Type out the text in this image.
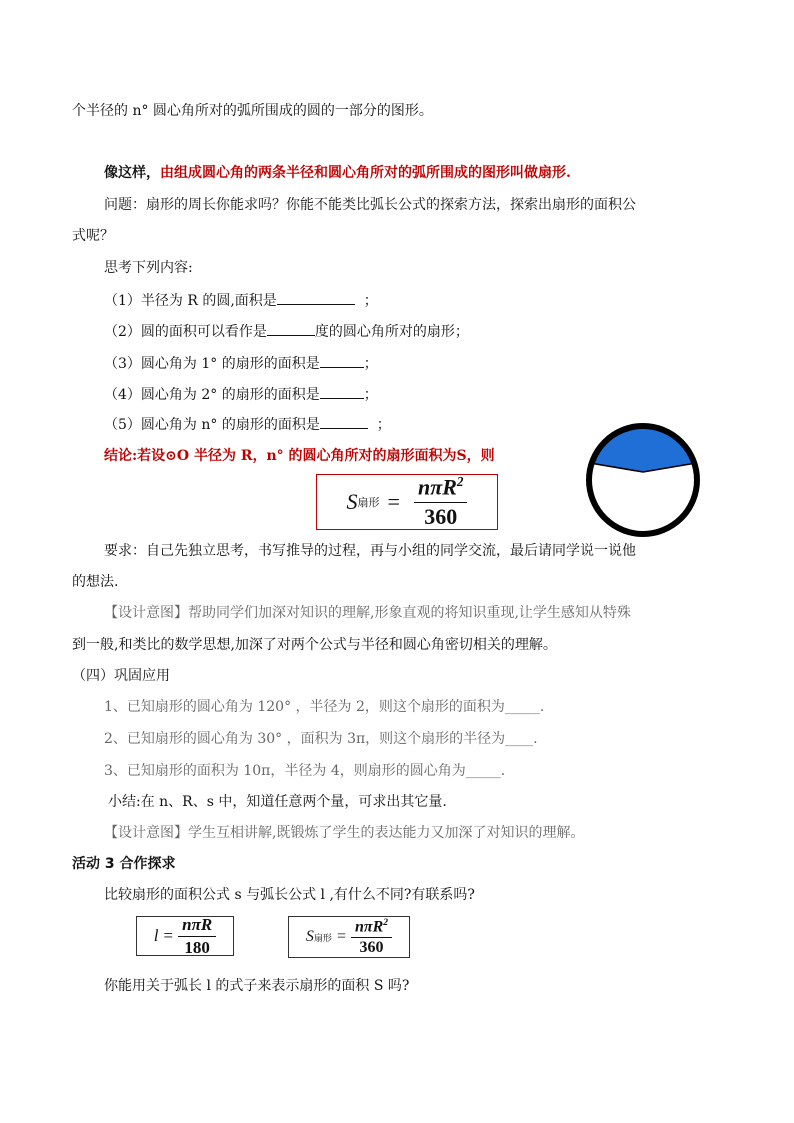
个半径的 n° 圆心角所对的弧所围成的圆的一部分的图形。
像这样，由组成圆心角的两条半径和圆心角所对的弧所围成的图形叫做扇形.
问题：扇形的周长你能求吗？你能不能类比弧长公式的探索方法，探索出扇形的面积公
式呢？
思考下列内容:
（1）半径为 R 的圆,面积是	；
（2）圆的面积可以看作是	度的圆心角所对的扇形；
（3）圆心角为 1° 的扇形的面积是	；
（4）圆心角为 2° 的扇形的面积是	；
（5）圆心角为 n° 的扇形的面积是	；
结论:若设⊙O 半径为 R，n° 的圆心角所对的扇形面积为S，则
S 扇形 = $\frac{n\pi R^2}{360}$
要求：自己先独立思考，书写推导的过程，再与小组的同学交流，最后请同学说一说他
的想法.
【设计意图】帮助同学们加深对知识的理解,形象直观的将知识重现,让学生感知从特殊
到一般,和类比的数学思想,加深了对两个公式与半径和圆心角密切相关的理解。
（四）巩固应用
1、已知扇形的圆心角为 120° ，半径为 2，则这个扇形的面积为_____.
2、已知扇形的圆心角为 30° ，面积为 3π，则这个扇形的半径为____.
3、已知扇形的面积为 10π，半径为 4，则扇形的圆心角为_____.
小结:在 n、R、s 中，知道任意两个量，可求出其它量.
【设计意图】学生互相讲解,既锻炼了学生的表达能力又加深了对知识的理解。
活动 3 合作探求
比较扇形的面积公式 s 与弧长公式 l ,有什么不同?有联系吗?
$l = \frac{\text{nπR}}{180}$	S 扇形 = $\frac{n\pi R^2}{360}$
你能用关于弧长 l 的式子来表示扇形的面积 S 吗?
